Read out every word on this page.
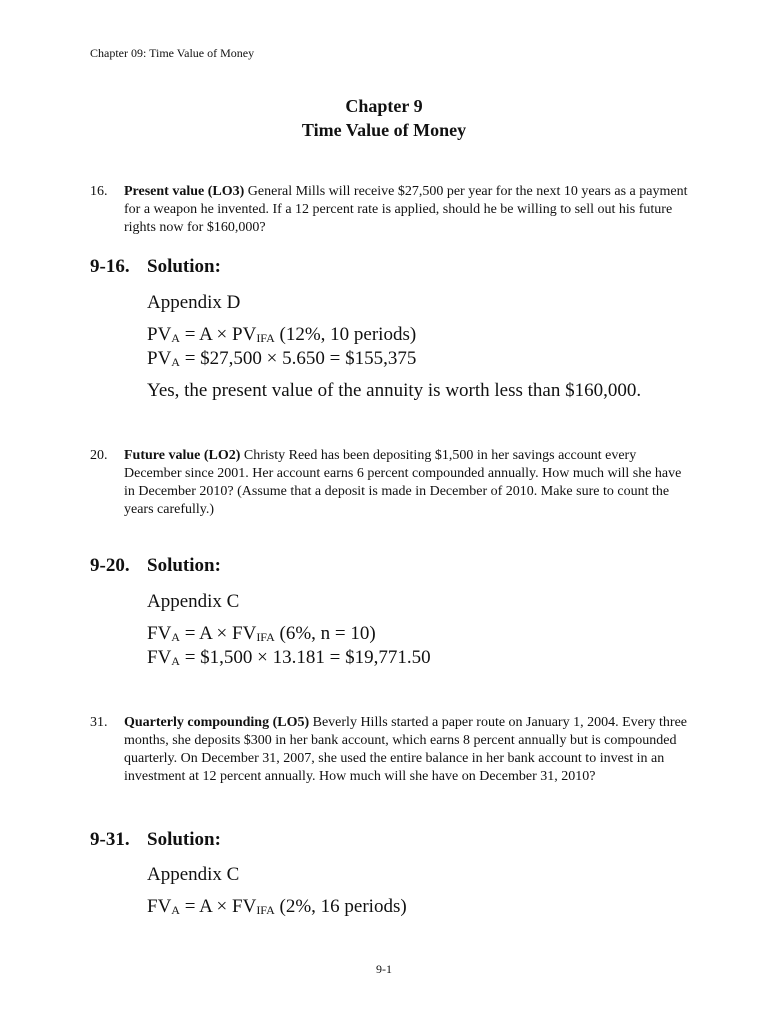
Chapter 09: Time Value of Money
Chapter 9
Time Value of Money
16. Present value (LO3) General Mills will receive $27,500 per year for the next 10 years as a payment for a weapon he invented. If a 12 percent rate is applied, should he be willing to sell out his future rights now for $160,000?
9-16. Solution:
Appendix D
$PV_A = A \times PV_{IFA}$ (12%, 10 periods)
$PV_A$ = $27,500 × 5.650 = $155,375
Yes, the present value of the annuity is worth less than $160,000.
20. Future value (LO2) Christy Reed has been depositing $1,500 in her savings account every December since 2001. Her account earns 6 percent compounded annually. How much will she have in December 2010? (Assume that a deposit is made in December of 2010. Make sure to count the years carefully.)
9-20. Solution:
Appendix C
$FV_A = A \times FV_{IFA}$ (6%, n = 10)
$FV_A$ = $1,500 × 13.181 = $19,771.50
31. Quarterly compounding (LO5) Beverly Hills started a paper route on January 1, 2004. Every three months, she deposits $300 in her bank account, which earns 8 percent annually but is compounded quarterly. On December 31, 2007, she used the entire balance in her bank account to invest in an investment at 12 percent annually. How much will she have on December 31, 2010?
9-31. Solution:
Appendix C
$FV_A = A \times FV_{IFA}$ (2%, 16 periods)
9-1
